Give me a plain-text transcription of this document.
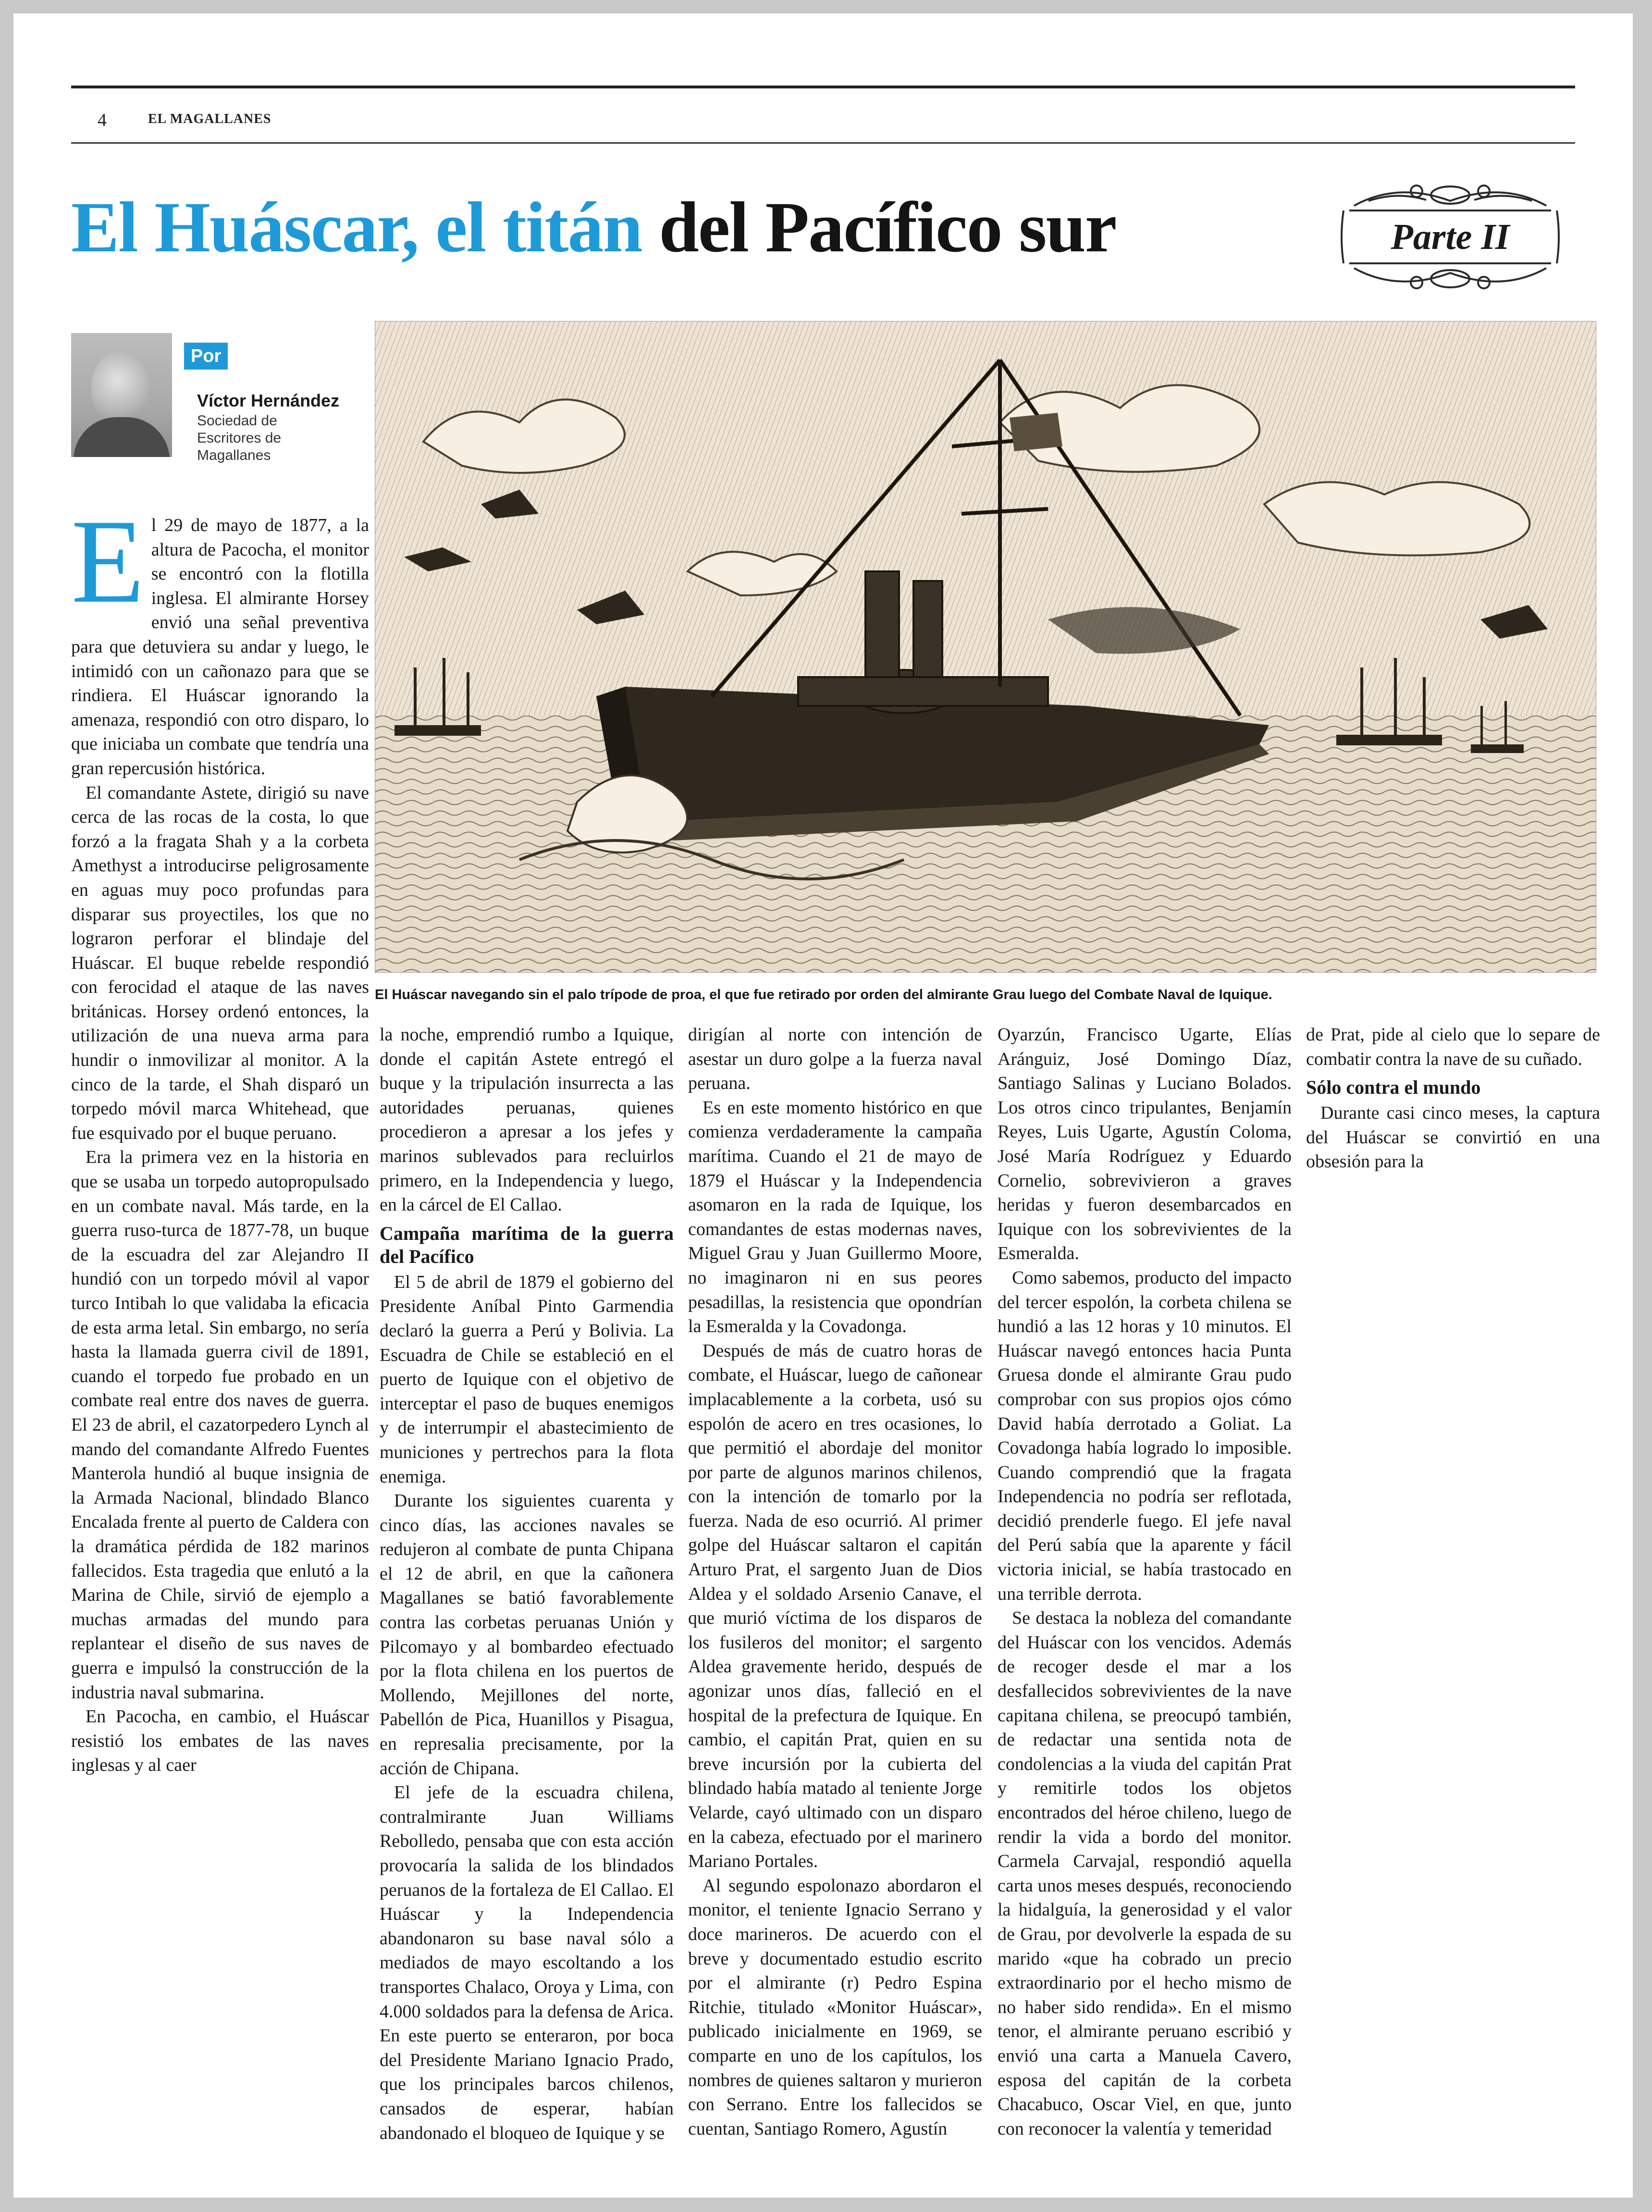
4	EL MAGALLANES
El Huáscar, el titán del Pacífico sur	Parte II
Por
Víctor Hernández
Sociedad de Escritores de Magallanes
El Huáscar navegando sin el palo trípode de proa, el que fue retirado por orden del almirante Grau luego del Combate Naval de Iquique.

El 29 de mayo de 1877, a la altura de Pacocha, el monitor se encontró con la flotilla inglesa. El almirante Horsey envió una señal preventiva para que detuviera su andar y luego, le intimidó con un cañonazo para que se rindiera. El Huáscar ignorando la amenaza, respondió con otro disparo, lo que iniciaba un combate que tendría una gran repercusión histórica.

El comandante Astete, dirigió su nave cerca de las rocas de la costa, lo que forzó a la fragata Shah y a la corbeta Amethyst a introducirse peligrosamente en aguas muy poco profundas para disparar sus proyectiles, los que no lograron perforar el blindaje del Huáscar. El buque rebelde respondió con ferocidad el ataque de las naves británicas. Horsey ordenó entonces, la utilización de una nueva arma para hundir o inmovilizar al monitor. A la cinco de la tarde, el Shah disparó un torpedo móvil marca Whitehead, que fue esquivado por el buque peruano.

Era la primera vez en la historia en que se usaba un torpedo autopropulsado en un combate naval. Más tarde, en la guerra ruso-turca de 1877-78, un buque de la escuadra del zar Alejandro II hundió con un torpedo móvil al vapor turco Intibah lo que validaba la eficacia de esta arma letal. Sin embargo, no sería hasta la llamada guerra civil de 1891, cuando el torpedo fue probado en un combate real entre dos naves de guerra. El 23 de abril, el cazatorpedero Lynch al mando del comandante Alfredo Fuentes Manterola hundió al buque insignia de la Armada Nacional, blindado Blanco Encalada frente al puerto de Caldera con la dramática pérdida de 182 marinos fallecidos. Esta tragedia que enlutó a la Marina de Chile, sirvió de ejemplo a muchas armadas del mundo para replantear el diseño de sus naves de guerra e impulsó la construcción de la industria naval submarina.

En Pacocha, en cambio, el Huáscar resistió los embates de las naves inglesas y al caer

la noche, emprendió rumbo a Iquique, donde el capitán Astete entregó el buque y la tripulación insurrecta a las autoridades peruanas, quienes procedieron a apresar a los jefes y marinos sublevados para recluirlos primero, en la Independencia y luego, en la cárcel de El Callao.

Campaña marítima de la guerra del Pacífico

El 5 de abril de 1879 el gobierno del Presidente Aníbal Pinto Garmendia declaró la guerra a Perú y Bolivia. La Escuadra de Chile se estableció en el puerto de Iquique con el objetivo de interceptar el paso de buques enemigos y de interrumpir el abastecimiento de municiones y pertrechos para la flota enemiga.

Durante los siguientes cuarenta y cinco días, las acciones navales se redujeron al combate de punta Chipana el 12 de abril, en que la cañonera Magallanes se batió favorablemente contra las corbetas peruanas Unión y Pilcomayo y al bombardeo efectuado por la flota chilena en los puertos de Mollendo, Mejillones del norte, Pabellón de Pica, Huanillos y Pisagua, en represalia precisamente, por la acción de Chipana.

El jefe de la escuadra chilena, contralmirante Juan Williams Rebolledo, pensaba que con esta acción provocaría la salida de los blindados peruanos de la fortaleza de El Callao. El Huáscar y la Independencia abandonaron su base naval sólo a mediados de mayo escoltando a los transportes Chalaco, Oroya y Lima, con 4.000 soldados para la defensa de Arica. En este puerto se enteraron, por boca del Presidente Mariano Ignacio Prado, que los principales barcos chilenos, cansados de esperar, habían abandonado el bloqueo de Iquique y se

dirigían al norte con intención de asestar un duro golpe a la fuerza naval peruana.

Es en este momento histórico en que comienza verdaderamente la campaña marítima. Cuando el 21 de mayo de 1879 el Huáscar y la Independencia asomaron en la rada de Iquique, los comandantes de estas modernas naves, Miguel Grau y Juan Guillermo Moore, no imaginaron ni en sus peores pesadillas, la resistencia que opondrían la Esmeralda y la Covadonga.

Después de más de cuatro horas de combate, el Huáscar, luego de cañonear implacablemente a la corbeta, usó su espolón de acero en tres ocasiones, lo que permitió el abordaje del monitor por parte de algunos marinos chilenos, con la intención de tomarlo por la fuerza. Nada de eso ocurrió. Al primer golpe del Huáscar saltaron el capitán Arturo Prat, el sargento Juan de Dios Aldea y el soldado Arsenio Canave, el que murió víctima de los disparos de los fusileros del monitor; el sargento Aldea gravemente herido, después de agonizar unos días, falleció en el hospital de la prefectura de Iquique. En cambio, el capitán Prat, quien en su breve incursión por la cubierta del blindado había matado al teniente Jorge Velarde, cayó ultimado con un disparo en la cabeza, efectuado por el marinero Mariano Portales.

Al segundo espolonazo abordaron el monitor, el teniente Ignacio Serrano y doce marineros. De acuerdo con el breve y documentado estudio escrito por el almirante (r) Pedro Espina Ritchie, titulado «Monitor Huáscar», publicado inicialmente en 1969, se comparte en uno de los capítulos, los nombres de quienes saltaron y murieron con Serrano. Entre los fallecidos se cuentan, Santiago Romero, Agustín

Oyarzún, Francisco Ugarte, Elías Aránguiz, José Domingo Díaz, Santiago Salinas y Luciano Bolados. Los otros cinco tripulantes, Benjamín Reyes, Luis Ugarte, Agustín Coloma, José María Rodríguez y Eduardo Cornelio, sobrevivieron a graves heridas y fueron desembarcados en Iquique con los sobrevivientes de la Esmeralda.

Como sabemos, producto del impacto del tercer espolón, la corbeta chilena se hundió a las 12 horas y 10 minutos. El Huáscar navegó entonces hacia Punta Gruesa donde el almirante Grau pudo comprobar con sus propios ojos cómo David había derrotado a Goliat. La Covadonga había logrado lo imposible. Cuando comprendió que la fragata Independencia no podría ser reflotada, decidió prenderle fuego. El jefe naval del Perú sabía que la aparente y fácil victoria inicial, se había trastocado en una terrible derrota.

Se destaca la nobleza del comandante del Huáscar con los vencidos. Además de recoger desde el mar a los desfallecidos sobrevivientes de la nave capitana chilena, se preocupó también, de redactar una sentida nota de condolencias a la viuda del capitán Prat y remitirle todos los objetos encontrados del héroe chileno, luego de rendir la vida a bordo del monitor. Carmela Carvajal, respondió aquella carta unos meses después, reconociendo la hidalguía, la generosidad y el valor de Grau, por devolverle la espada de su marido «que ha cobrado un precio extraordinario por el hecho mismo de no haber sido rendida». En el mismo tenor, el almirante peruano escribió y envió una carta a Manuela Cavero, esposa del capitán de la corbeta Chacabuco, Oscar Viel, en que, junto con reconocer la valentía y temeridad

de Prat, pide al cielo que lo separe de combatir contra la nave de su cuñado.

Sólo contra el mundo

Durante casi cinco meses, la captura del Huáscar se convirtió en una obsesión para la
